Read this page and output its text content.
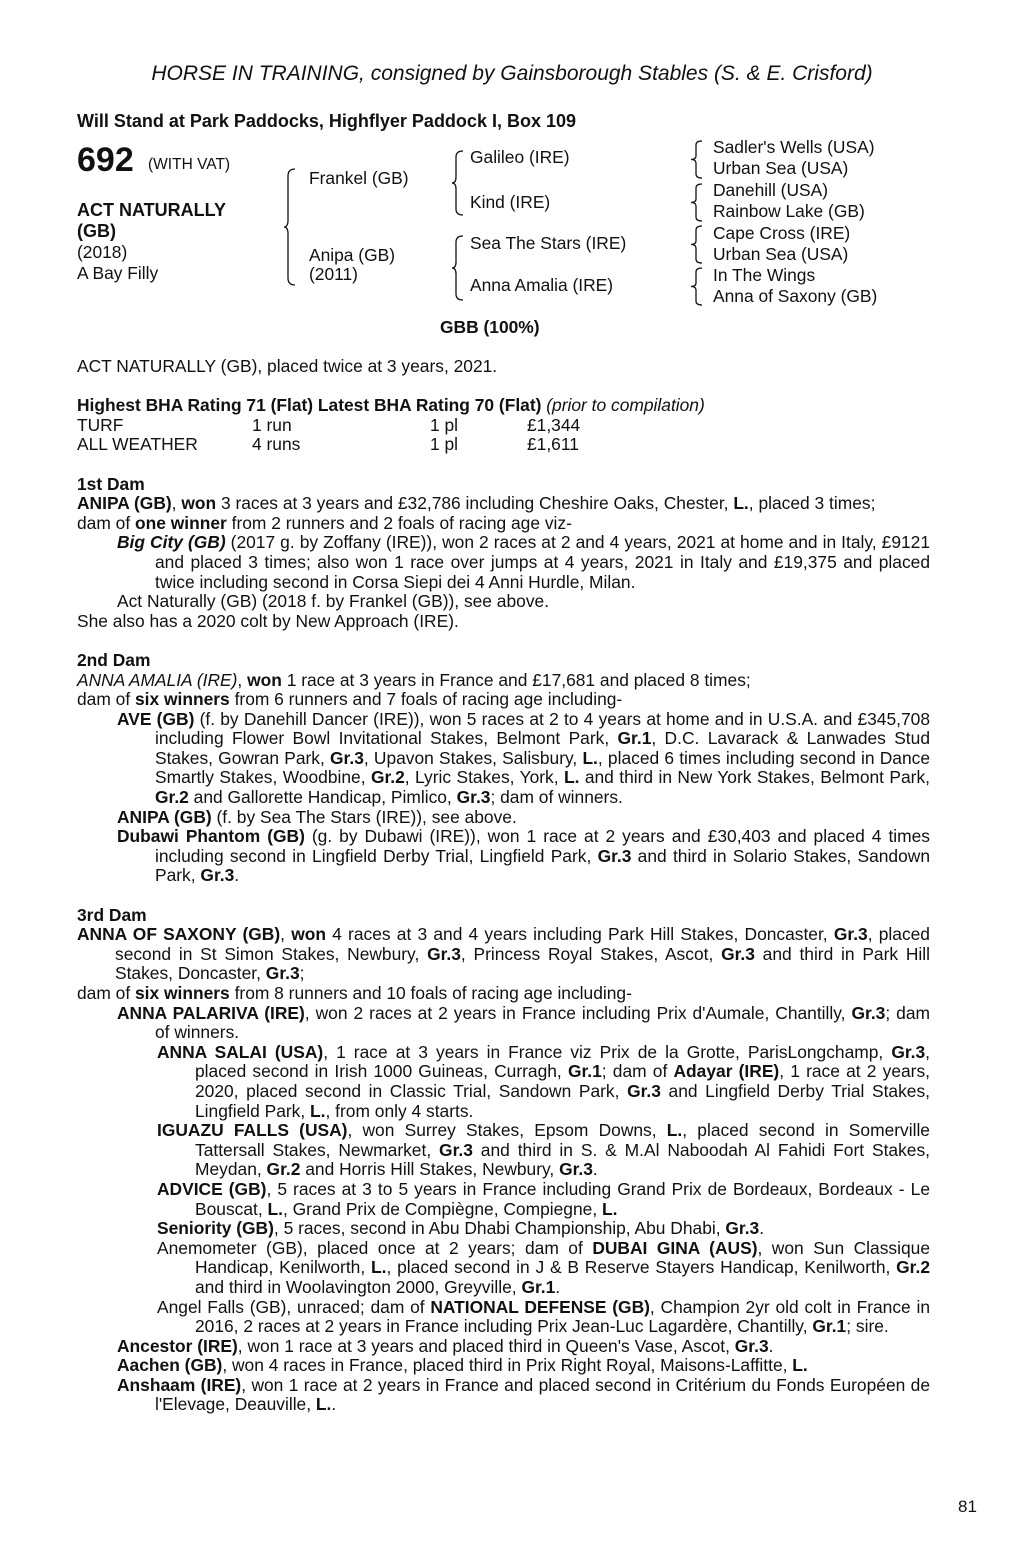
HORSE IN TRAINING, consigned by Gainsborough Stables (S. & E. Crisford)
Will Stand at Park Paddocks, Highflyer Paddock I, Box 109
692 (WITH VAT)
ACT NATURALLY
(GB)
(2018)
A Bay Filly
Frankel (GB)
Anipa (GB)
(2011)
Galileo (IRE)
Kind (IRE)
Sea The Stars (IRE)
Anna Amalia (IRE)
Sadler's Wells (USA)
Urban Sea (USA)
Danehill (USA)
Rainbow Lake (GB)
Cape Cross (IRE)
Urban Sea (USA)
In The Wings
Anna of Saxony (GB)
GBB (100%)

ACT NATURALLY (GB), placed twice at 3 years, 2021.

Highest BHA Rating 71 (Flat) Latest BHA Rating 70 (Flat) (prior to compilation)

TURF	1 run	1 pl	£1,344
ALL WEATHER	4 runs	1 pl	£1,611
1st Dam

ANIPA (GB), won 3 races at 3 years and £32,786 including Cheshire Oaks, Chester, L., placed 3 times;

dam of one winner from 2 runners and 2 foals of racing age viz-

Big City (GB) (2017 g. by Zoffany (IRE)), won 2 races at 2 and 4 years, 2021 at home and in Italy, £9121 and placed 3 times; also won 1 race over jumps at 4 years, 2021 in Italy and £19,375 and placed twice including second in Corsa Siepi dei 4 Anni Hurdle, Milan.

Act Naturally (GB) (2018 f. by Frankel (GB)), see above.

She also has a 2020 colt by New Approach (IRE).

2nd Dam

ANNA AMALIA (IRE), won 1 race at 3 years in France and £17,681 and placed 8 times;

dam of six winners from 6 runners and 7 foals of racing age including-

AVE (GB) (f. by Danehill Dancer (IRE)), won 5 races at 2 to 4 years at home and in U.S.A. and £345,708 including Flower Bowl Invitational Stakes, Belmont Park, Gr.1, D.C. Lavarack & Lanwades Stud Stakes, Gowran Park, Gr.3, Upavon Stakes, Salisbury, L., placed 6 times including second in Dance Smartly Stakes, Woodbine, Gr.2, Lyric Stakes, York, L. and third in New York Stakes, Belmont Park, Gr.2 and Gallorette Handicap, Pimlico, Gr.3; dam of winners.

ANIPA (GB) (f. by Sea The Stars (IRE)), see above.

Dubawi Phantom (GB) (g. by Dubawi (IRE)), won 1 race at 2 years and £30,403 and placed 4 times including second in Lingfield Derby Trial, Lingfield Park, Gr.3 and third in Solario Stakes, Sandown Park, Gr.3.

3rd Dam

ANNA OF SAXONY (GB), won 4 races at 3 and 4 years including Park Hill Stakes, Doncaster, Gr.3, placed second in St Simon Stakes, Newbury, Gr.3, Princess Royal Stakes, Ascot, Gr.3 and third in Park Hill Stakes, Doncaster, Gr.3;

dam of six winners from 8 runners and 10 foals of racing age including-

ANNA PALARIVA (IRE), won 2 races at 2 years in France including Prix d'Aumale, Chantilly, Gr.3; dam of winners.

ANNA SALAI (USA), 1 race at 3 years in France viz Prix de la Grotte, ParisLongchamp, Gr.3, placed second in Irish 1000 Guineas, Curragh, Gr.1; dam of Adayar (IRE), 1 race at 2 years, 2020, placed second in Classic Trial, Sandown Park, Gr.3 and Lingfield Derby Trial Stakes, Lingfield Park, L., from only 4 starts.

IGUAZU FALLS (USA), won Surrey Stakes, Epsom Downs, L., placed second in Somerville Tattersall Stakes, Newmarket, Gr.3 and third in S. & M.Al Naboodah Al Fahidi Fort Stakes, Meydan, Gr.2 and Horris Hill Stakes, Newbury, Gr.3.

ADVICE (GB), 5 races at 3 to 5 years in France including Grand Prix de Bordeaux, Bordeaux - Le Bouscat, L., Grand Prix de Compiègne, Compiegne, L.

Seniority (GB), 5 races, second in Abu Dhabi Championship, Abu Dhabi, Gr.3.

Anemometer (GB), placed once at 2 years; dam of DUBAI GINA (AUS), won Sun Classique Handicap, Kenilworth, L., placed second in J & B Reserve Stayers Handicap, Kenilworth, Gr.2 and third in Woolavington 2000, Greyville, Gr.1.

Angel Falls (GB), unraced; dam of NATIONAL DEFENSE (GB), Champion 2yr old colt in France in 2016, 2 races at 2 years in France including Prix Jean-Luc Lagardère, Chantilly, Gr.1; sire.

Ancestor (IRE), won 1 race at 3 years and placed third in Queen's Vase, Ascot, Gr.3.

Aachen (GB), won 4 races in France, placed third in Prix Right Royal, Maisons-Laffitte, L.

Anshaam (IRE), won 1 race at 2 years in France and placed second in Critérium du Fonds Européen de l'Elevage, Deauville, L..

81
